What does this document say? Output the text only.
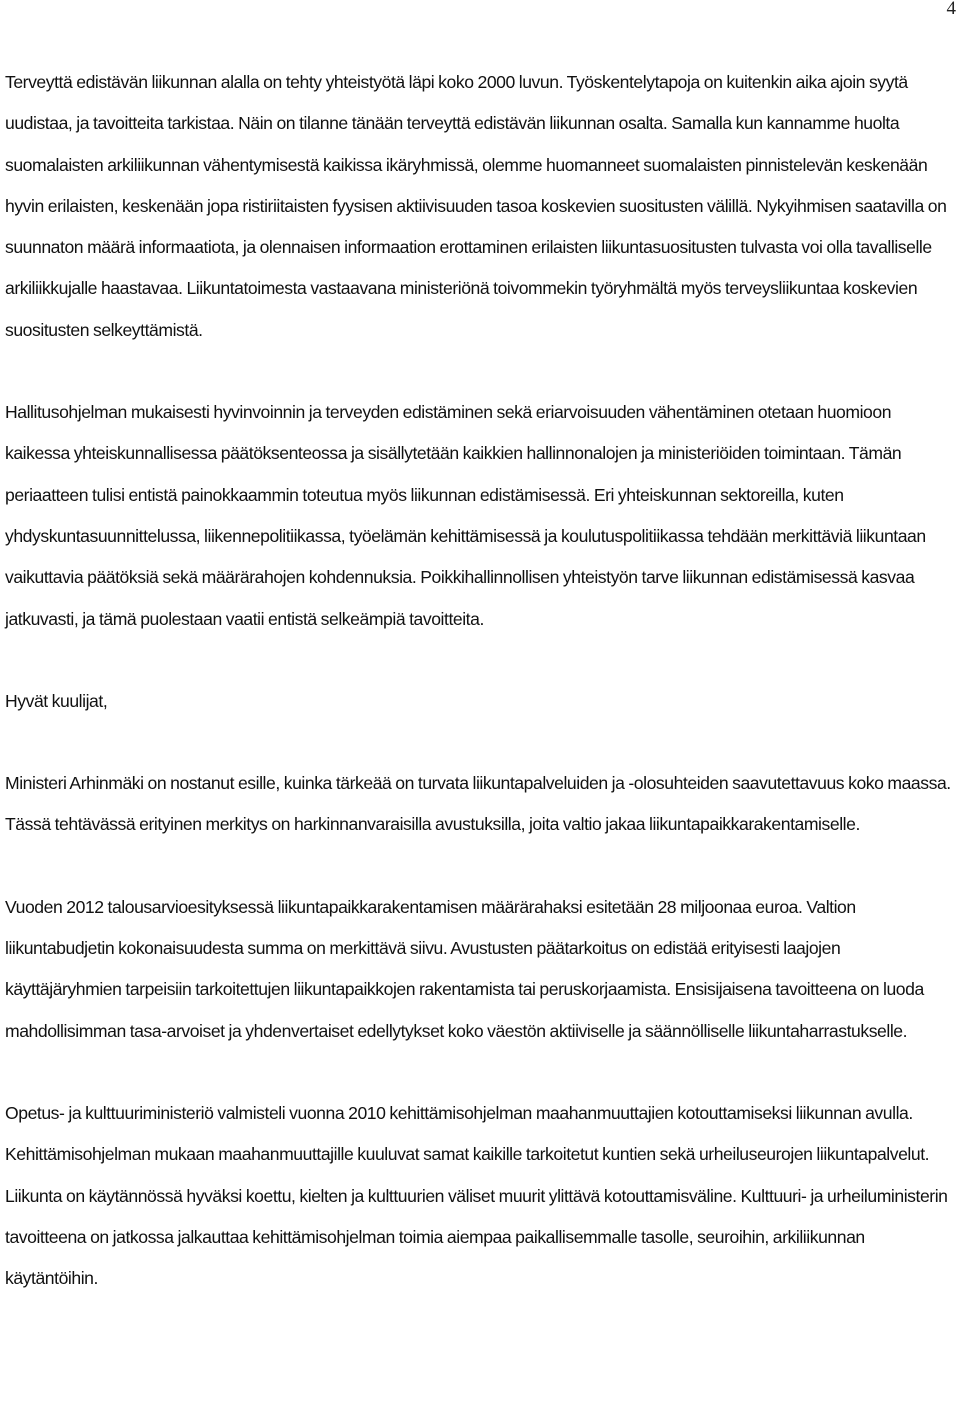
4

Terveyttä edistävän liikunnan alalla on tehty yhteistyötä läpi koko 2000 luvun. Työskentelytapoja on kuitenkin aika ajoin syytä uudistaa, ja tavoitteita tarkistaa. Näin on tilanne tänään terveyttä edistävän liikunnan osalta. Samalla kun kannamme huolta suomalaisten arkiliikunnan vähentymisestä kaikissa ikäryhmissä, olemme huomanneet suomalaisten pinnistelevän keskenään hyvin erilaisten, keskenään jopa ristiriitaisten fyysisen aktiivisuuden tasoa koskevien suositusten välillä. Nykyihmisen saatavilla on suunnaton määrä informaatiota, ja olennaisen informaation erottaminen erilaisten liikuntasuositusten tulvasta voi olla tavalliselle arkiliikkujalle haastavaa. Liikuntatoimesta vastaavana ministeriönä toivommekin työryhmältä myös terveysliikuntaa koskevien suositusten selkeyttämistä.

Hallitusohjelman mukaisesti hyvinvoinnin ja terveyden edistäminen sekä eriarvoisuuden vähentäminen otetaan huomioon kaikessa yhteiskunnallisessa päätöksenteossa ja sisällytetään kaikkien hallinnonalojen ja ministeriöiden toimintaan. Tämän periaatteen tulisi entistä painokkaammin toteutua myös liikunnan edistämisessä. Eri yhteiskunnan sektoreilla, kuten yhdyskuntasuunnittelussa, liikennepolitiikassa, työelämän kehittämisessä ja koulutuspolitiikassa tehdään merkittäviä liikuntaan vaikuttavia päätöksiä sekä määrärahojen kohdennuksia. Poikkihallinnollisen yhteistyön tarve liikunnan edistämisessä kasvaa jatkuvasti, ja tämä puolestaan vaatii entistä selkeämpiä tavoitteita.

Hyvät kuulijat,

Ministeri Arhinmäki on nostanut esille, kuinka tärkeää on turvata liikuntapalveluiden ja -olosuhteiden saavutettavuus koko maassa. Tässä tehtävässä erityinen merkitys on harkinnanvaraisilla avustuksilla, joita valtio jakaa liikuntapaikkarakentamiselle.

Vuoden 2012 talousarvioesityksessä liikuntapaikkarakentamisen määrärahaksi esitetään 28 miljoonaa euroa. Valtion liikuntabudjetin kokonaisuudesta summa on merkittävä siivu. Avustusten päätarkoitus on edistää erityisesti laajojen käyttäjäryhmien tarpeisiin tarkoitettujen liikuntapaikkojen rakentamista tai peruskorjaamista. Ensisijaisena tavoitteena on luoda mahdollisimman tasa-arvoiset ja yhdenvertaiset edellytykset koko väestön aktiiviselle ja säännölliselle liikuntaharrastukselle.

Opetus- ja kulttuuriministeriö valmisteli vuonna 2010 kehittämisohjelman maahanmuuttajien kotouttamiseksi liikunnan avulla. Kehittämisohjelman mukaan maahanmuuttajille kuuluvat samat kaikille tarkoitetut kuntien sekä urheiluseurojen liikuntapalvelut. Liikunta on käytännössä hyväksi koettu, kielten ja kulttuurien väliset muurit ylittävä kotouttamisväline. Kulttuuri- ja urheiluministerin tavoitteena on jatkossa jalkauttaa kehittämisohjelman toimia aiempaa paikallisemmalle tasolle, seuroihin, arkiliikunnan käytäntöihin.
